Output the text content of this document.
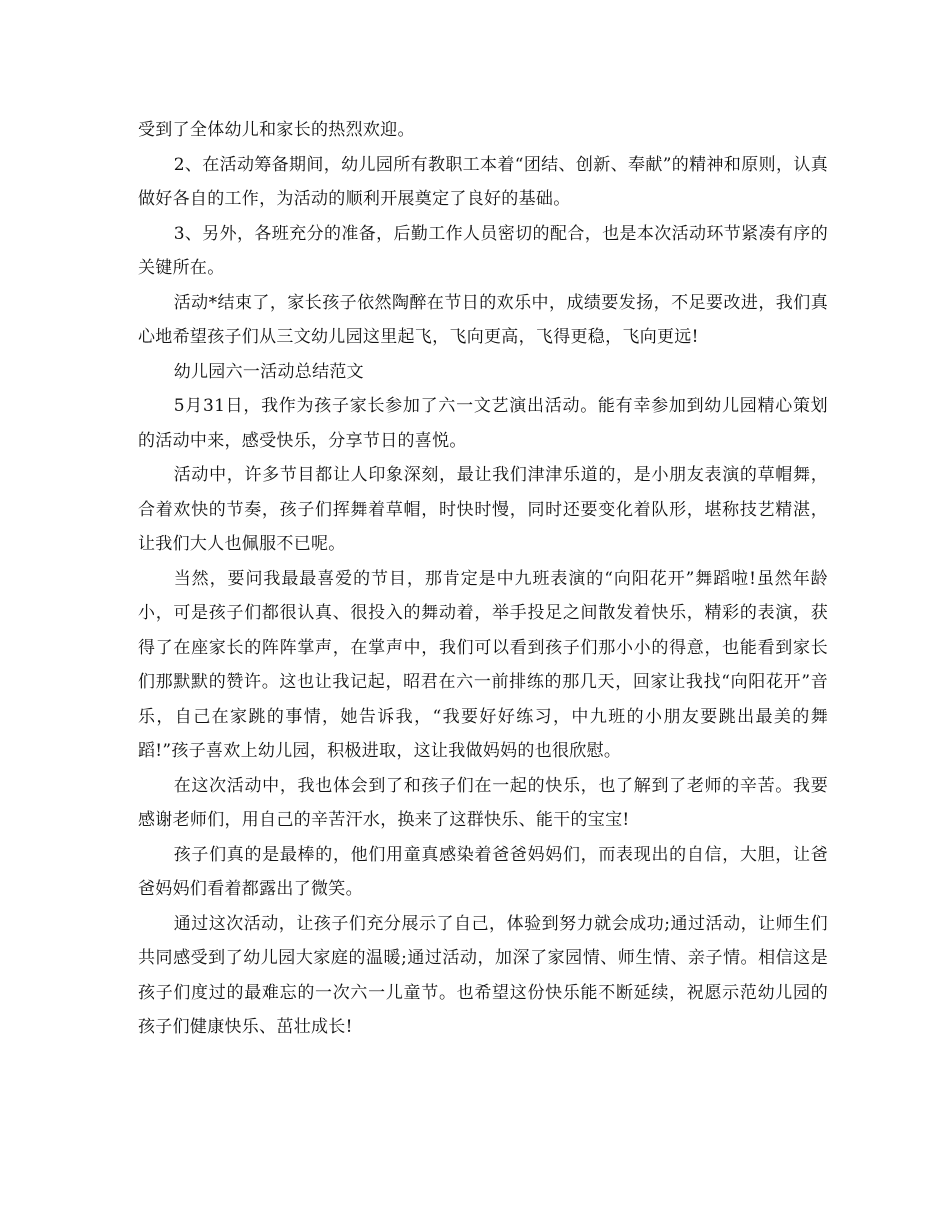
受到了全体幼儿和家长的热烈欢迎。

2、在活动筹备期间，幼儿园所有教职工本着“团结、创新、奉献”的精神和原则，认真做好各自的工作，为活动的顺利开展奠定了良好的基础。

3、另外，各班充分的准备，后勤工作人员密切的配合，也是本次活动环节紧凑有序的关键所在。

活动*结束了，家长孩子依然陶醉在节日的欢乐中，成绩要发扬，不足要改进，我们真心地希望孩子们从三文幼儿园这里起飞，飞向更高，飞得更稳，飞向更远!

幼儿园六一活动总结范文

5月31日，我作为孩子家长参加了六一文艺演出活动。能有幸参加到幼儿园精心策划的活动中来，感受快乐，分享节日的喜悦。

活动中，许多节目都让人印象深刻，最让我们津津乐道的，是小朋友表演的草帽舞，合着欢快的节奏，孩子们挥舞着草帽，时快时慢，同时还要变化着队形，堪称技艺精湛，让我们大人也佩服不已呢。

当然，要问我最最喜爱的节目，那肯定是中九班表演的“向阳花开”舞蹈啦!虽然年龄小，可是孩子们都很认真、很投入的舞动着，举手投足之间散发着快乐，精彩的表演，获得了在座家长的阵阵掌声，在掌声中，我们可以看到孩子们那小小的得意，也能看到家长们那默默的赞许。这也让我记起，昭君在六一前排练的那几天，回家让我找“向阳花开”音乐，自己在家跳的事情，她告诉我，“我要好好练习，中九班的小朋友要跳出最美的舞蹈!”孩子喜欢上幼儿园，积极进取，这让我做妈妈的也很欣慰。

在这次活动中，我也体会到了和孩子们在一起的快乐，也了解到了老师的辛苦。我要感谢老师们，用自己的辛苦汗水，换来了这群快乐、能干的宝宝!

孩子们真的是最棒的，他们用童真感染着爸爸妈妈们，而表现出的自信，大胆，让爸爸妈妈们看着都露出了微笑。

通过这次活动，让孩子们充分展示了自己，体验到努力就会成功;通过活动，让师生们共同感受到了幼儿园大家庭的温暖;通过活动，加深了家园情、师生情、亲子情。相信这是孩子们度过的最难忘的一次六一儿童节。也希望这份快乐能不断延续，祝愿示范幼儿园的孩子们健康快乐、茁壮成长!
